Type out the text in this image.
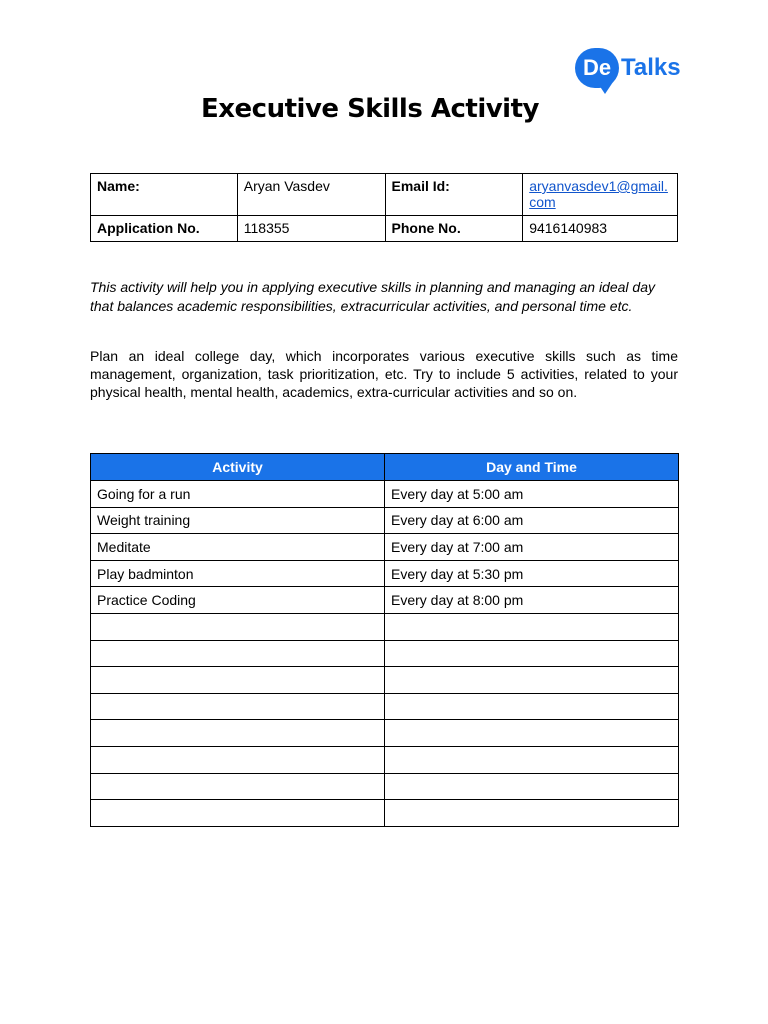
De Talks
Executive Skills Activity
Name:	Aryan Vasdev	Email Id:	aryanvasdev1@gmail.com
Application No.	118355	Phone No.	9416140983
This activity will help you in applying executive skills in planning and managing an ideal day that balances academic responsibilities, extracurricular activities, and personal time etc.
Plan an ideal college day, which incorporates various executive skills such as time management, organization, task prioritization, etc. Try to include 5 activities, related to your physical health, mental health, academics, extra-curricular activities and so on.
Activity	Day and Time
Going for a run	Every day at 5:00 am
Weight training	Every day at 6:00 am
Meditate	Every day at 7:00 am
Play badminton	Every day at 5:30 pm
Practice Coding	Every day at 8:00 pm
